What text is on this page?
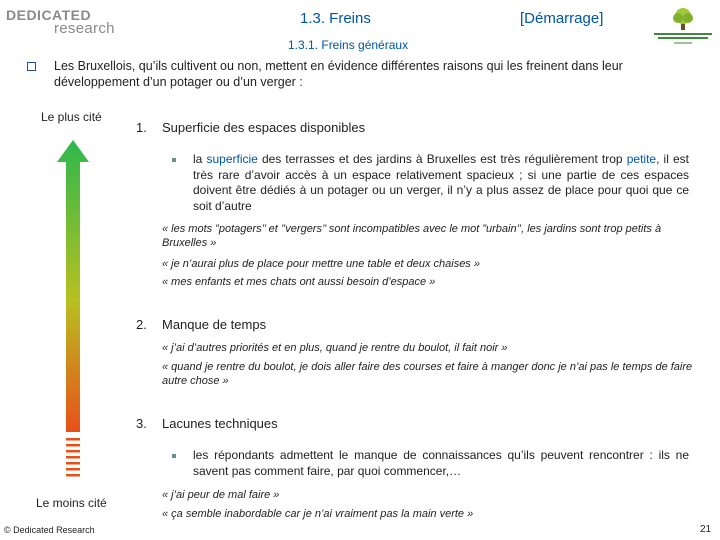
DEDICATED
research
1.3. Freins	[Démarrage]
1.3.1. Freins généraux
Les Bruxellois, qu’ils cultivent ou non, mettent en évidence différentes raisons qui les freinent dans leur développement d’un potager ou d’un verger :
Le plus cité
Le moins cité
1. Superficie des espaces disponibles
la superficie des terrasses et des jardins à Bruxelles est très régulièrement trop petite, il est très rare d’avoir accès à un espace relativement spacieux ; si une partie de ces espaces doivent être dédiés à un potager ou un verger, il n’y a plus assez de place pour quoi que ce soit d’autre
« les mots ”potagers’’ et ’’vergers’’ sont incompatibles avec le mot ”urbain’’, les jardins sont trop petits à Bruxelles »
« je n’aurai plus de place pour mettre une table et deux chaises »
« mes enfants et mes chats ont aussi besoin d’espace »
2. Manque de temps
« j’ai d’autres priorités et en plus, quand je rentre du boulot, il fait noir »
« quand je rentre du boulot, je dois aller faire des courses et faire à manger donc je n’ai pas le temps de faire autre chose »
3. Lacunes techniques
les répondants admettent le manque de connaissances qu’ils peuvent rencontrer : ils ne savent pas comment faire, par quoi commencer,…
« j’ai peur de mal faire »
« ça semble inabordable car je n’ai vraiment pas la main verte »
© Dedicated Research	21
